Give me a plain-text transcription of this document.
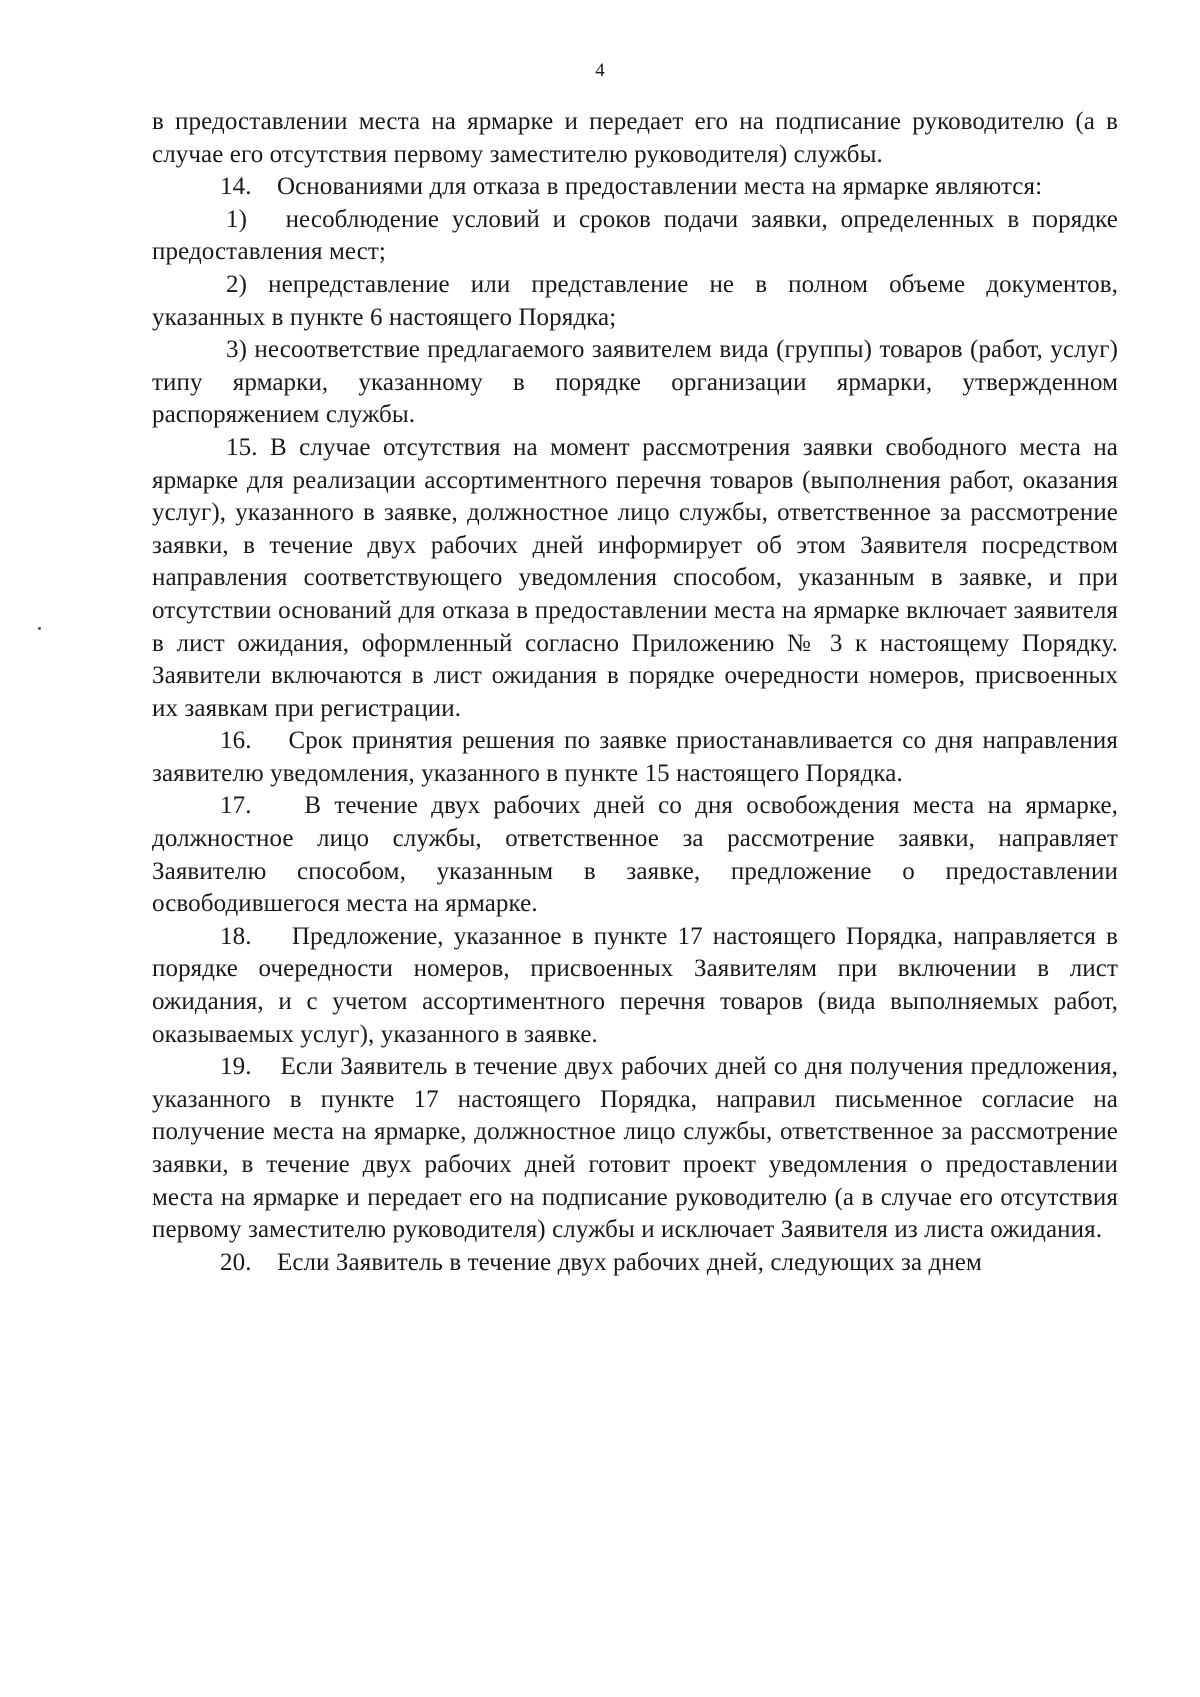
4

в предоставлении места на ярмарке и передает его на подписание руководителю (а в случае его отсутствия первому заместителю руководителя) службы.

14.    Основаниями для отказа в предоставлении места на ярмарке являются:

1)   несоблюдение условий и сроков подачи заявки, определенных в порядке предоставления мест;

2) непредставление или представление не в полном объеме документов, указанных в пункте 6 настоящего Порядка;

3) несоответствие предлагаемого заявителем вида (группы) товаров (работ, услуг) типу ярмарки, указанному в порядке организации ярмарки, утвержденном распоряжением службы.

15. В случае отсутствия на момент рассмотрения заявки свободного места на ярмарке для реализации ассортиментного перечня товаров (выполнения работ, оказания услуг), указанного в заявке, должностное лицо службы, ответственное за рассмотрение заявки, в течение двух рабочих дней информирует об этом Заявителя посредством направления соответствующего уведомления способом, указанным в заявке, и при отсутствии оснований для отказа в предоставлении места на ярмарке включает заявителя в лист ожидания, оформленный согласно Приложению № 3 к настоящему Порядку. Заявители включаются в лист ожидания в порядке очередности номеров, присвоенных их заявкам при регистрации.

16.    Срок принятия решения по заявке приостанавливается со дня направления заявителю уведомления, указанного в пункте 15 настоящего Порядка.

17.    В течение двух рабочих дней со дня освобождения места на ярмарке, должностное лицо службы, ответственное за рассмотрение заявки, направляет Заявителю способом, указанным в заявке, предложение о предоставлении освободившегося места на ярмарке.

18.    Предложение, указанное в пункте 17 настоящего Порядка, направляется в порядке очередности номеров, присвоенных Заявителям при включении в лист ожидания, и с учетом ассортиментного перечня товаров (вида выполняемых работ, оказываемых услуг), указанного в заявке.

19.    Если Заявитель в течение двух рабочих дней со дня получения предложения, указанного в пункте 17 настоящего Порядка, направил письменное согласие на получение места на ярмарке, должностное лицо службы, ответственное за рассмотрение заявки, в течение двух рабочих дней готовит проект уведомления о предоставлении места на ярмарке и передает его на подписание руководителю (а в случае его отсутствия первому заместителю руководителя) службы и исключает Заявителя из листа ожидания.

20.    Если Заявитель в течение двух рабочих дней, следующих за днем
